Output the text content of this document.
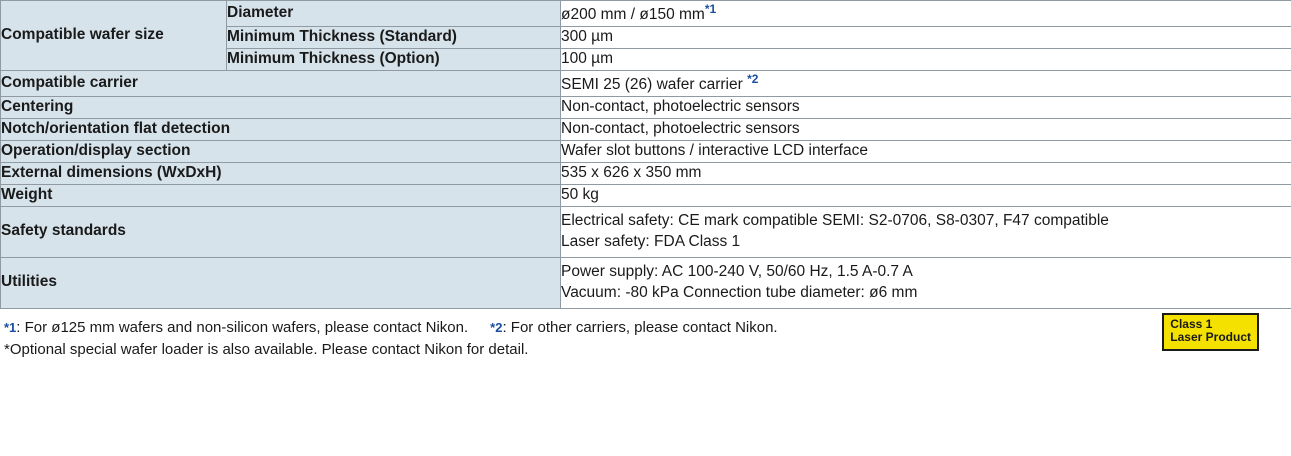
Compatible wafer size	Diameter	ø200 mm / ø150 mm$^{*1}$
	Minimum Thickness (Standard)	300 µm
	Minimum Thickness (Option)	100 µm
Compatible carrier		SEMI 25 (26) wafer carrier $^{*2}$
Centering		Non-contact, photoelectric sensors
Notch/orientation flat detection		Non-contact, photoelectric sensors
Operation/display section		Wafer slot buttons / interactive LCD interface
External dimensions (WxDxH)		535 x 626 x 350 mm
Weight		50 kg
Safety standards		Electrical safety: CE mark compatible SEMI: S2-0706, S8-0307, F47 compatible
Laser safety: FDA Class 1

Utilities		Power supply: AC 100-240 V, 50/60 Hz, 1.5 A-0.7 A
Vacuum: -80 kPa Connection tube diameter: ø6 mm
*1: For ø125 mm wafers and non-silicon wafers, please contact Nikon. *2: For other carriers, please contact Nikon.
*Optional special wafer loader is also available. Please contact Nikon for detail.
Class 1
Laser Product
